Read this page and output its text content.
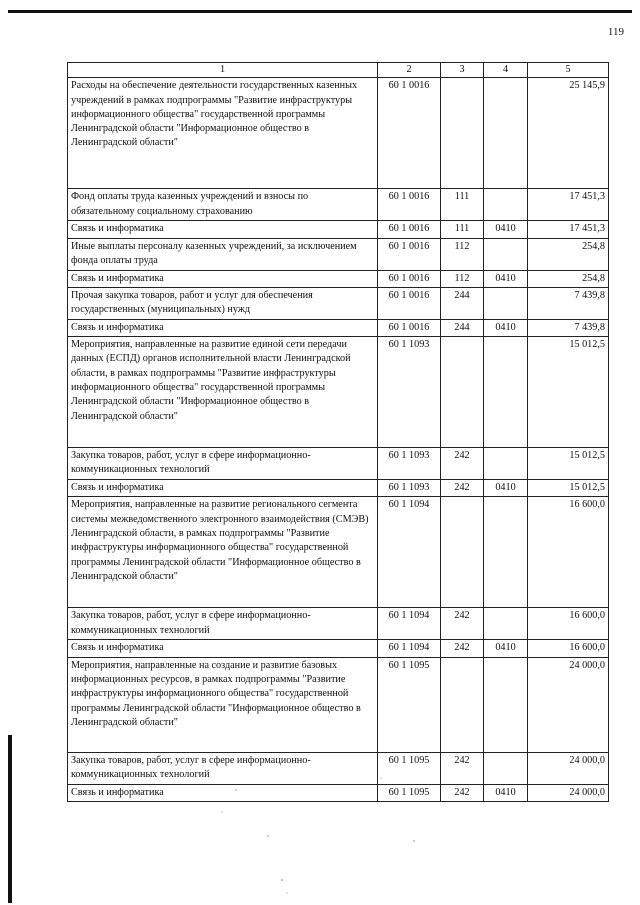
119
1	2	3	4	5
Расходы на обеспечение деятельности государственных казенных учреждений в рамках подпрограммы "Развитие инфраструктуры информационного общества" государственной программы Ленинградской области "Информационное общество в Ленинградской области"	60 1 0016			25 145,9
Фонд оплаты труда казенных учреждений и взносы по обязательному социальному страхованию	60 1 0016	111		17 451,3
Связь и информатика	60 1 0016	111	0410	17 451,3
Иные выплаты персоналу казенных учреждений, за исключением фонда оплаты труда	60 1 0016	112		254,8
Связь и информатика	60 1 0016	112	0410	254,8
Прочая закупка товаров, работ и услуг для обеспечения государственных (муниципальных) нужд	60 1 0016	244		7 439,8
Связь и информатика	60 1 0016	244	0410	7 439,8
Мероприятия, направленные на развитие единой сети передачи данных (ЕСПД) органов исполнительной власти Ленинградской области, в рамках подпрограммы "Развитие инфраструктуры информационного общества" государственной программы Ленинградской области "Информационное общество в Ленинградской области"	60 1 1093			15 012,5
Закупка товаров, работ, услуг в сфере информационно-коммуникационных технологий	60 1 1093	242		15 012,5
Связь и информатика	60 1 1093	242	0410	15 012,5
Мероприятия, направленные на развитие регионального сегмента системы межведомственного электронного взаимодействия (СМЭВ) Ленинградской области, в рамках подпрограммы "Развитие инфраструктуры информационного общества" государственной программы Ленинградской области "Информационное общество в Ленинградской области"	60 1 1094			16 600,0
Закупка товаров, работ, услуг в сфере информационно-коммуникационных технологий	60 1 1094	242		16 600,0
Связь и информатика	60 1 1094	242	0410	16 600,0
Мероприятия, направленные на создание и развитие базовых информационных ресурсов, в рамках подпрограммы "Развитие инфраструктуры информационного общества" государственной программы Ленинградской области "Информационное общество в Ленинградской области"	60 1 1095			24 000,0
Закупка товаров, работ, услуг в сфере информационно-коммуникационных технологий	60 1 1095	242		24 000,0
Связь и информатика	60 1 1095	242	0410	24 000,0
